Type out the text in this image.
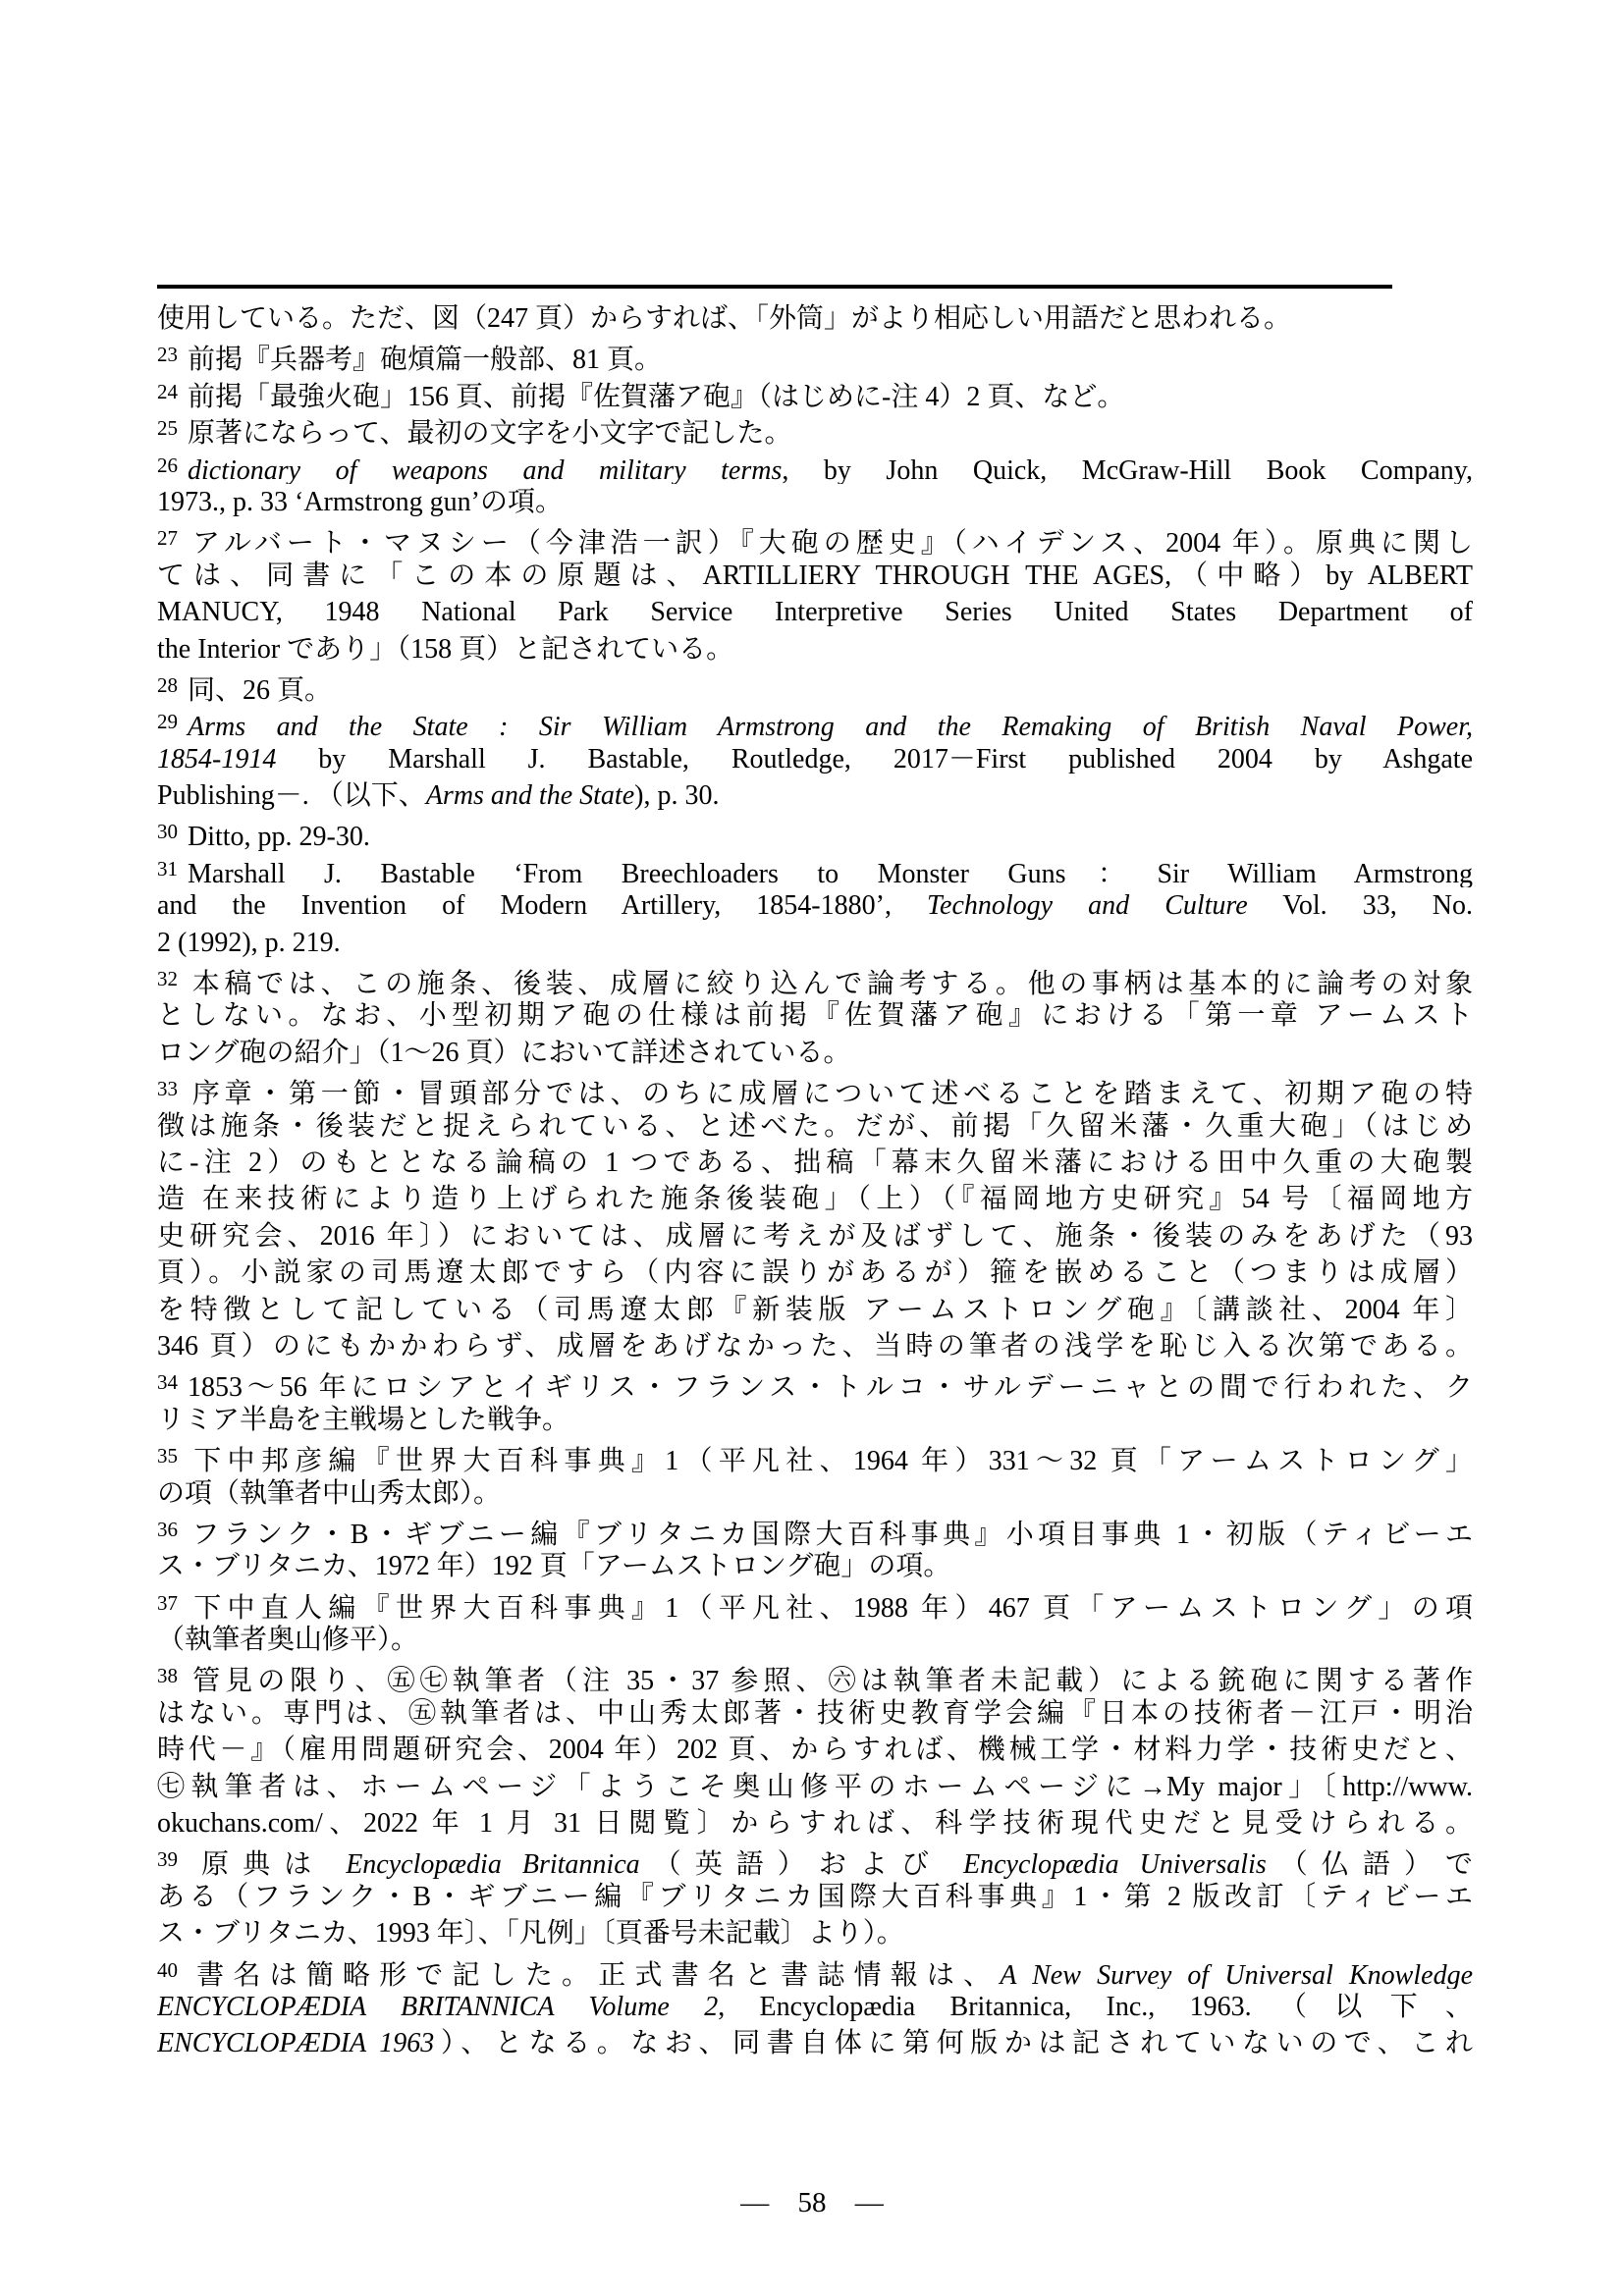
使用している。ただ、図（247 頁）からすれば、「外筒」がより相応しい用語だと思われる。
$^{23}$ 前掲『兵器考』砲熕篇一般部、81 頁。
$^{24}$ 前掲「最強火砲」156 頁、前掲『佐賀藩ア砲』（はじめに-注 4）2 頁、など。
$^{25}$ 原著にならって、最初の文字を小文字で記した。
$^{26}$ dictionary of weapons and military terms, by John Quick, McGraw-Hill Book Company,
1973., p. 33 ‘Armstrong gun’の項。
$^{27}$ アルバート・マヌシー（今津浩一訳）『大砲の歴史』（ハイデンス、2004 年）。原典に関し
ては、同書に「この本の原題は、ARTILLIERY THROUGH THE AGES,（中略）by ALBERT
MANUCY, 1948 National Park Service Interpretive Series United States Department of
the Interior であり」（158 頁）と記されている。
$^{28}$ 同、26 頁。
$^{29}$ Arms and the State : Sir William Armstrong and the Remaking of British Naval Power,
1854-1914 by Marshall J. Bastable, Routledge, 2017－First published 2004 by Ashgate
Publishing－. （以下、Arms and the State), p. 30.
$^{30}$ Ditto, pp. 29-30.
$^{31}$ Marshall J. Bastable ‘From Breechloaders to Monster Guns：Sir William Armstrong
and the Invention of Modern Artillery, 1854-1880’, Technology and Culture Vol. 33, No.
2 (1992), p. 219.
$^{32}$ 本稿では、この施条、後装、成層に絞り込んで論考する。他の事柄は基本的に論考の対象
としない。なお、小型初期ア砲の仕様は前掲『佐賀藩ア砲』における「第一章 アームスト
ロング砲の紹介」（1～26 頁）において詳述されている。
$^{33}$ 序章・第一節・冒頭部分では、のちに成層について述べることを踏まえて、初期ア砲の特
徴は施条・後装だと捉えられている、と述べた。だが、前掲「久留米藩・久重大砲」（はじめ
に-注 2）のもととなる論稿の 1 つである、拙稿「幕末久留米藩における田中久重の大砲製
造 在来技術により造り上げられた施条後装砲」（上）（『福岡地方史研究』54 号〔福岡地方
史研究会、2016 年〕）においては、成層に考えが及ばずして、施条・後装のみをあげた（93
頁）。小説家の司馬遼太郎ですら（内容に誤りがあるが）箍を嵌めること（つまりは成層）
を特徴として記している（司馬遼太郎『新装版 アームストロング砲』〔講談社、2004 年〕
346 頁）のにもかかわらず、成層をあげなかった、当時の筆者の浅学を恥じ入る次第である。
$^{34}$ 1853～56 年にロシアとイギリス・フランス・トルコ・サルデーニャとの間で行われた、ク
リミア半島を主戦場とした戦争。
$^{35}$ 下中邦彦編『世界大百科事典』1（平凡社、1964 年）331～32 頁「アームストロング」
の項（執筆者中山秀太郎）。
$^{36}$ フランク・B・ギブニー編『ブリタニカ国際大百科事典』小項目事典 1・初版（ティビーエ
ス・ブリタニカ、1972 年）192 頁「アームストロング砲」の項。
$^{37}$ 下中直人編『世界大百科事典』1（平凡社、1988 年）467 頁「アームストロング」の項
（執筆者奥山修平）。
$^{38}$ 管見の限り、㊄㊆執筆者（注 35・37 参照、㊅は執筆者未記載）による銃砲に関する著作
はない。専門は、㊄執筆者は、中山秀太郎著・技術史教育学会編『日本の技術者－江戸・明治
時代－』（雇用問題研究会、2004 年）202 頁、からすれば、機械工学・材料力学・技術史だと、
㊆執筆者は、ホームページ「ようこそ奥山修平のホームページに→My major」〔http://www.
okuchans.com/、2022 年 1 月 31 日閲覧〕からすれば、科学技術現代史だと見受けられる。
$^{39}$ 原典は Encyclopædia Britannica（英語）および Encyclopædia Universalis（仏語）で
ある（フランク・B・ギブニー編『ブリタニカ国際大百科事典』1・第 2 版改訂〔ティビーエ
ス・ブリタニカ、1993 年〕、「凡例」〔頁番号未記載〕より）。
$^{40}$ 書名は簡略形で記した。正式書名と書誌情報は、A New Survey of Universal Knowledge
ENCYCLOPÆDIA BRITANNICA Volume 2, Encyclopædia Britannica, Inc., 1963.（以下、
ENCYCLOPÆDIA 1963）、となる。なお、同書自体に第何版かは記されていないので、これ
— 58 —
